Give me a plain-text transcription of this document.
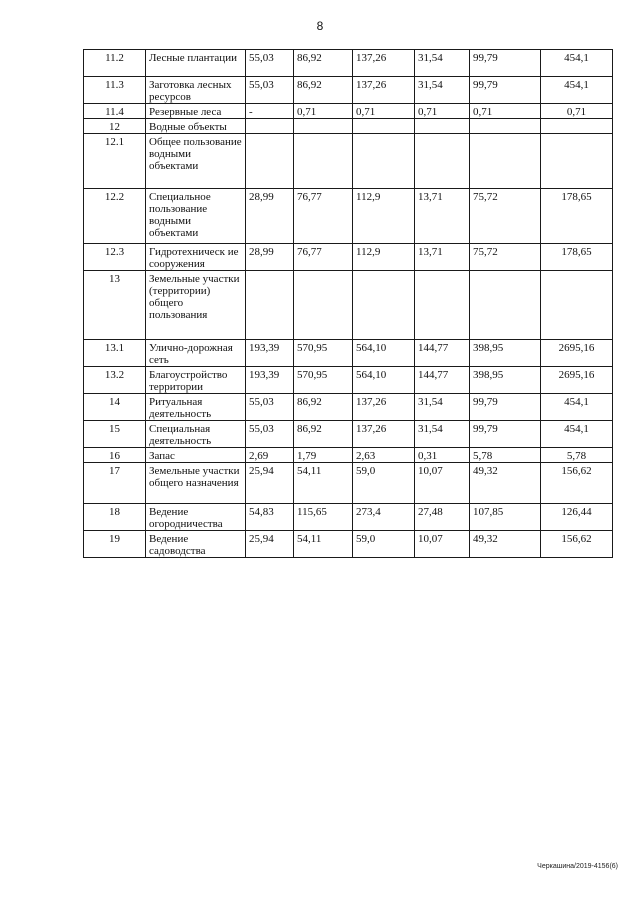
8
11.2	Лесные плантации	55,03	86,92	137,26	31,54	99,79	454,1
11.3	Заготовка лесных ресурсов	55,03	86,92	137,26	31,54	99,79	454,1
11.4	Резервные леса	-	0,71	0,71	0,71	0,71	0,71
12	Водные объекты						
12.1	Общее пользование водными объектами						
12.2	Специальное пользование водными объектами	28,99	76,77	112,9	13,71	75,72	178,65
12.3	Гидротехническ ие сооружения	28,99	76,77	112,9	13,71	75,72	178,65
13	Земельные участки (территории) общего пользования						
13.1	Улично-дорожная сеть	193,39	570,95	564,10	144,77	398,95	2695,16
13.2	Благоустройство территории	193,39	570,95	564,10	144,77	398,95	2695,16
14	Ритуальная деятельность	55,03	86,92	137,26	31,54	99,79	454,1
15	Специальная деятельность	55,03	86,92	137,26	31,54	99,79	454,1
16	Запас	2,69	1,79	2,63	0,31	5,78	5,78
17	Земельные участки общего назначения	25,94	54,11	59,0	10,07	49,32	156,62
18	Ведение огородничества	54,83	115,65	273,4	27,48	107,85	126,44
19	Ведение садоводства	25,94	54,11	59,0	10,07	49,32	156,62
Черкашина/2019-4156(6)
